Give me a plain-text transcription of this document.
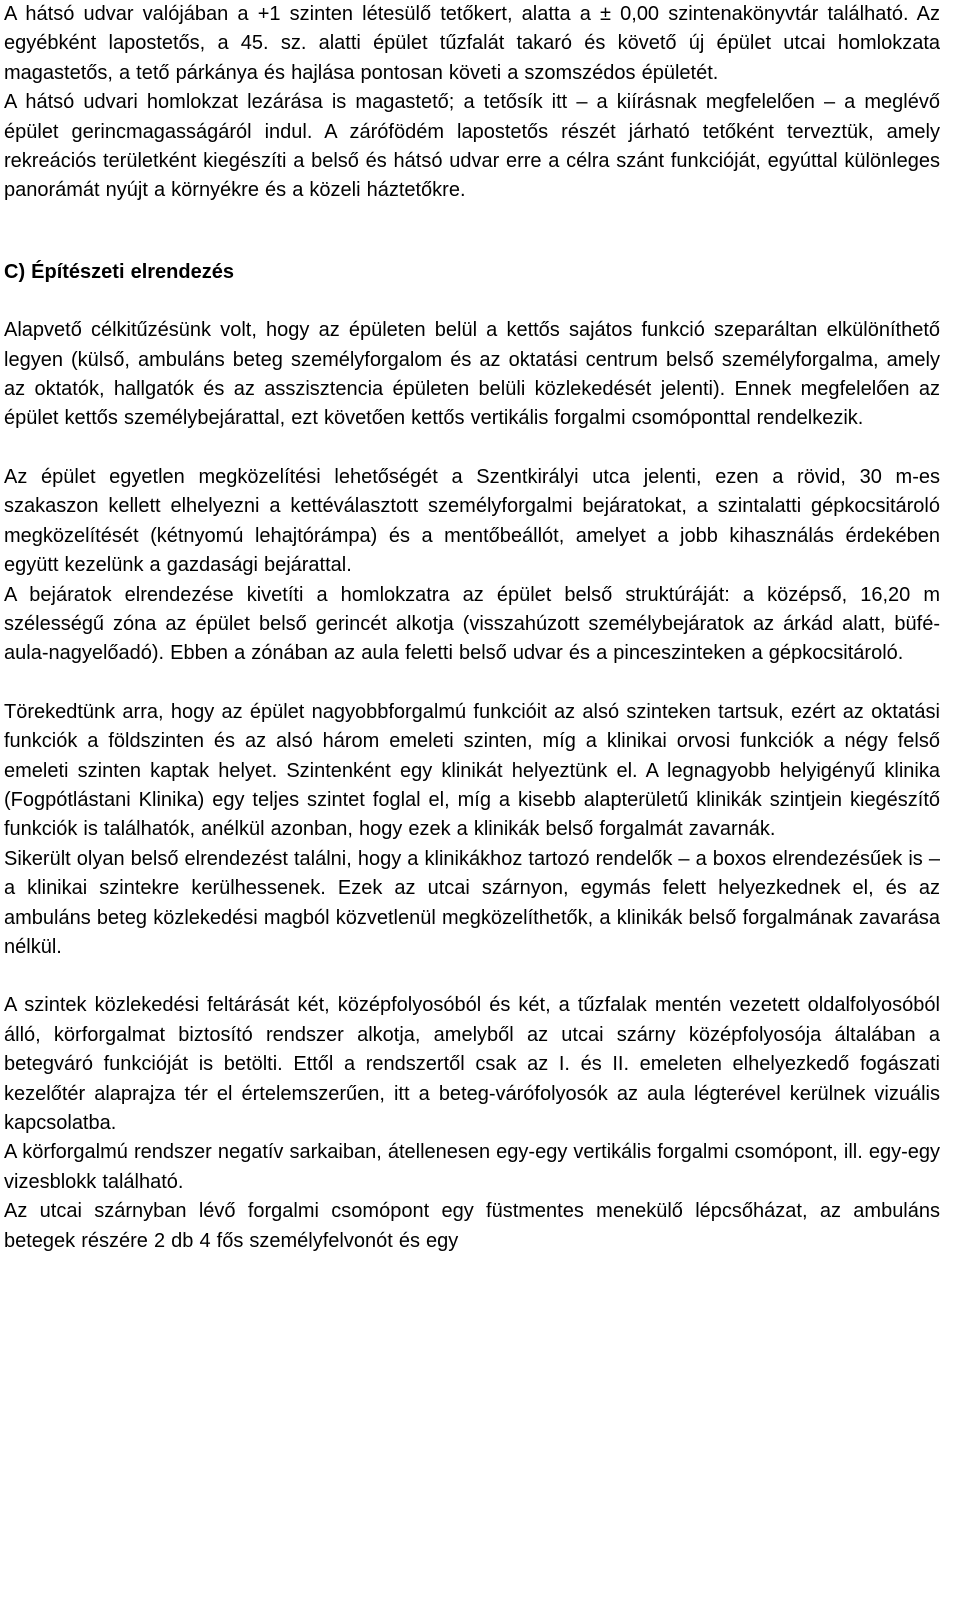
A hátsó udvar valójában a +1 szinten létesülő tetőkert, alatta a ± 0,00 szintenakönyvtár található. Az egyébként lapostetős, a 45. sz. alatti épület tűzfalát takaró és követő új épület utcai homlokzata magastetős, a tető párkánya és hajlása pontosan követi a szomszédos épületét.

A hátsó udvari homlokzat lezárása is magastető; a tetősík itt – a kiírásnak megfelelően – a meglévő épület gerincmagasságáról indul. A zárófödém lapostetős részét járható tetőként terveztük, amely rekreációs területként kiegészíti a belső és hátsó udvar erre a célra szánt funkcióját, egyúttal különleges panorámát nyújt a környékre és a közeli háztetőkre.

C) Építészeti elrendezés

Alapvető célkitűzésünk volt, hogy az épületen belül a kettős sajátos funkció szeparáltan elkülöníthető legyen (külső, ambuláns beteg személyforgalom és az oktatási centrum belső személyforgalma, amely az oktatók, hallgatók és az asszisztencia épületen belüli közlekedését jelenti). Ennek megfelelően az épület kettős személybejárattal, ezt követően kettős vertikális forgalmi csomóponttal rendelkezik.

Az épület egyetlen megközelítési lehetőségét a Szentkirályi utca jelenti, ezen a rövid, 30 m-es szakaszon kellett elhelyezni a kettéválasztott személyforgalmi bejáratokat, a szintalatti gépkocsitároló megközelítését (kétnyomú lehajtórámpa) és a mentőbeállót, amelyet a jobb kihasználás érdekében együtt kezelünk a gazdasági bejárattal.

A bejáratok elrendezése kivetíti a homlokzatra az épület belső struktúráját: a középső, 16,20 m szélességű zóna az épület belső gerincét alkotja (visszahúzott személybejáratok az árkád alatt, büfé-aula-nagyelőadó). Ebben a zónában az aula feletti belső udvar és a pinceszinteken a gépkocsitároló.

Törekedtünk arra, hogy az épület nagyobbforgalmú funkcióit az alsó szinteken tartsuk, ezért az oktatási funkciók a földszinten és az alsó három emeleti szinten, míg a klinikai orvosi funkciók a négy felső emeleti szinten kaptak helyet. Szintenként egy klinikát helyeztünk el. A legnagyobb helyigényű klinika (Fogpótlástani Klinika) egy teljes szintet foglal el, míg a kisebb alapterületű klinikák szintjein kiegészítő funkciók is találhatók, anélkül azonban, hogy ezek a klinikák belső forgalmát zavarnák.

Sikerült olyan belső elrendezést találni, hogy a klinikákhoz tartozó rendelők – a boxos elrendezésűek is – a klinikai szintekre kerülhessenek. Ezek az utcai szárnyon, egymás felett helyezkednek el, és az ambuláns beteg közlekedési magból közvetlenül megközelíthetők, a klinikák belső forgalmának zavarása nélkül.

A szintek közlekedési feltárását két, középfolyosóból és két, a tűzfalak mentén vezetett oldalfolyosóból álló, körforgalmat biztosító rendszer alkotja, amelyből az utcai szárny középfolyosója általában a betegváró funkcióját is betölti. Ettől a rendszertől csak az I. és II. emeleten elhelyezkedő fogászati kezelőtér alaprajza tér el értelemszerűen, itt a beteg-várófolyosók az aula légterével kerülnek vizuális kapcsolatba.

A körforgalmú rendszer negatív sarkaiban, átellenesen egy-egy vertikális forgalmi csomópont, ill. egy-egy vizesblokk található.

Az utcai szárnyban lévő forgalmi csomópont egy füstmentes menekülő lépcsőházat, az ambuláns betegek részére 2 db 4 fős személyfelvonót és egy
